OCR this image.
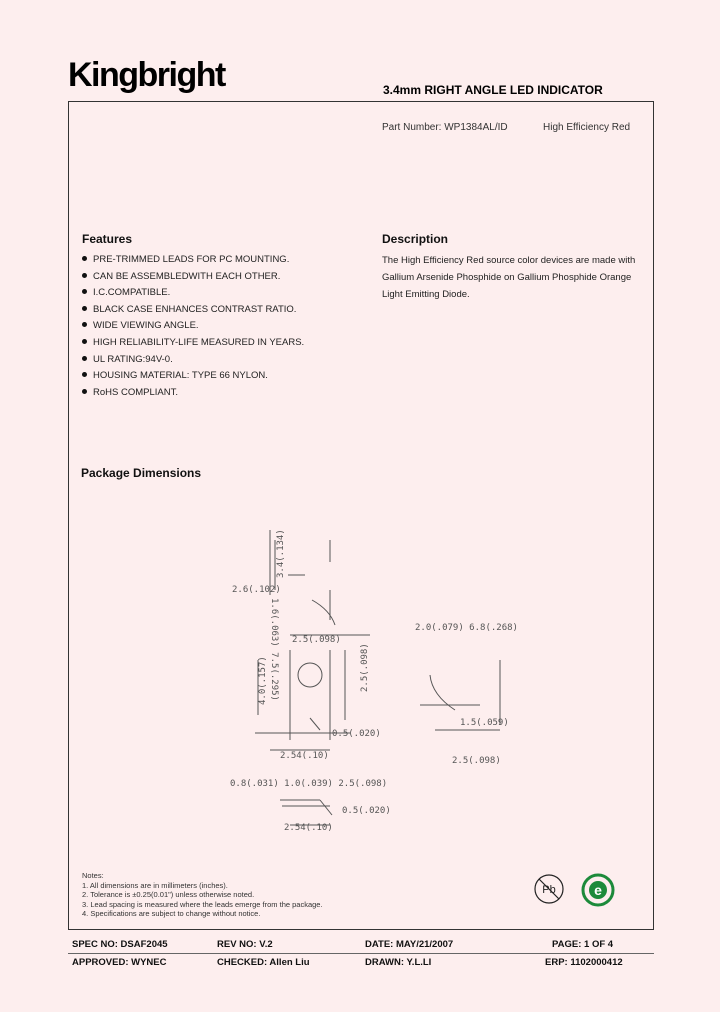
Kingbright	3.4mm RIGHT ANGLE LED INDICATOR
Part Number: WP1384AL/ID	High Efficiency Red
Features
PRE-TRIMMED LEADS FOR PC MOUNTING.
CAN BE ASSEMBLEDWITH EACH OTHER.
I.C.COMPATIBLE.
BLACK CASE ENHANCES CONTRAST RATIO.
WIDE VIEWING ANGLE.
HIGH RELIABILITY-LIFE MEASURED IN YEARS.
UL RATING:94V-0.
HOUSING MATERIAL: TYPE 66 NYLON.
RoHS COMPLIANT.
Description

The High Efficiency Red source color devices are made with Gallium Arsenide Phosphide on Gallium Phosphide Orange Light Emitting Diode.

Package Dimensions
1.6(.063) 7.5(.295)
3.4(.134)
2.6(.102)
2.5(.098)
2.0(.079) 6.8(.268)
4.0(.157)	2.5(.098)
0.5(.020)
2.54(.10)
1.5(.059)
2.5(.098)
0.8(.031) 1.0(.039) 2.5(.098)
0.5(.020)
2.54(.10)
Notes:
1. All dimensions are in millimeters (inches).
2. Tolerance is ±0.25(0.01") unless otherwise noted.
3. Lead spacing is measured where the leads emerge from the package.
4. Specifications are subject to change without notice.
Pb	e
SPEC NO: DSAF2045	REV NO: V.2	DATE: MAY/21/2007	PAGE: 1 OF 4
APPROVED: WYNEC	CHECKED: Allen Liu	DRAWN: Y.L.LI	ERP: 1102000412
